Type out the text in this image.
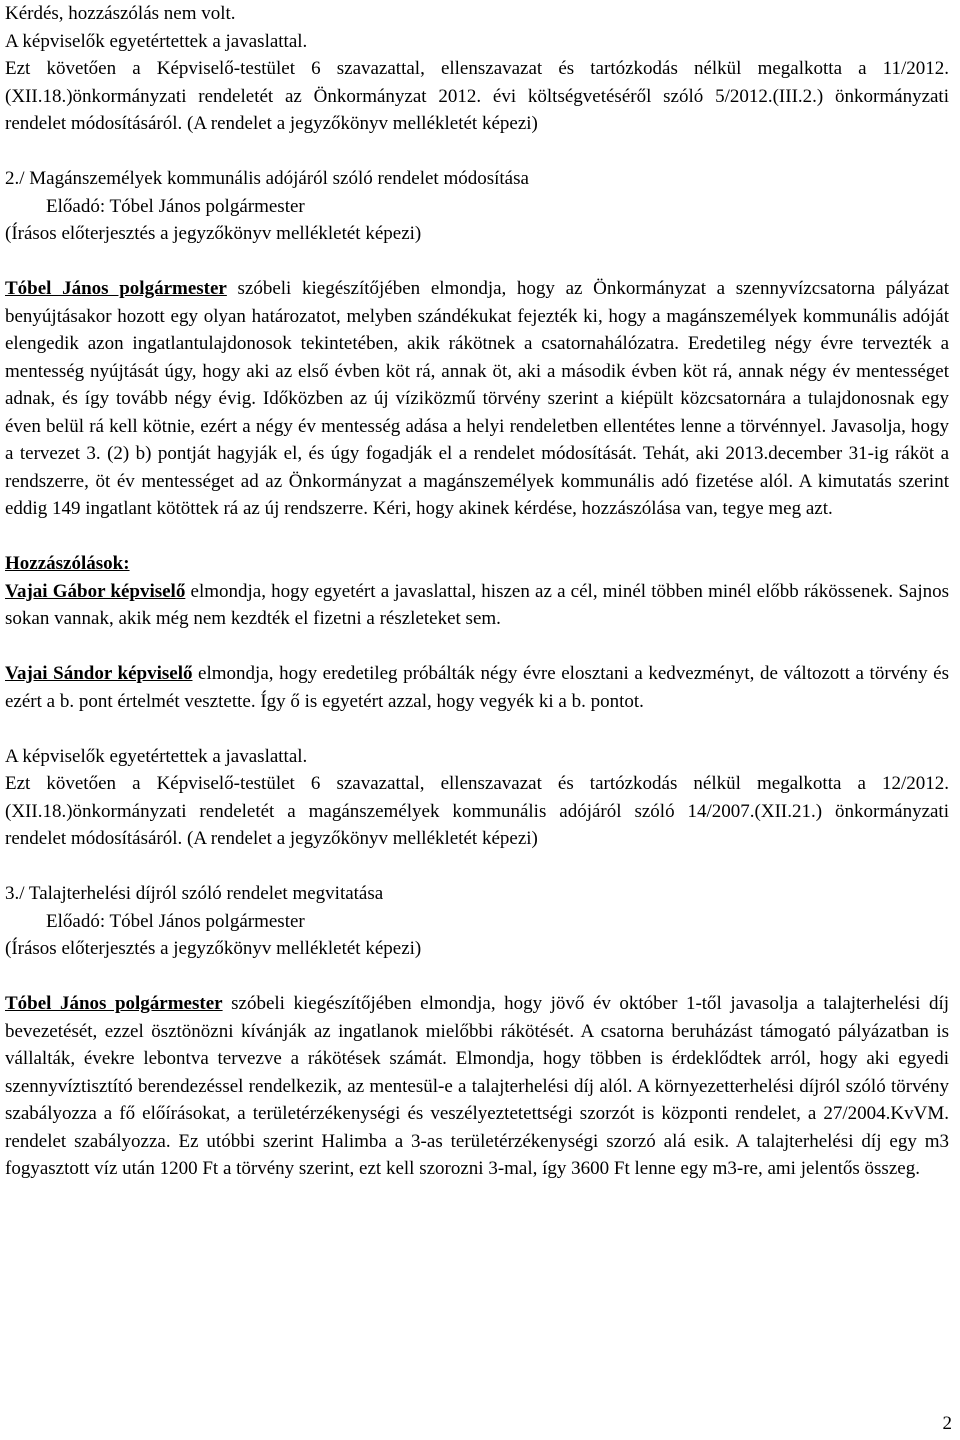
Kérdés, hozzászólás nem volt.

A képviselők egyetértettek a javaslattal.

Ezt követően a Képviselő-testület 6 szavazattal, ellenszavazat és tartózkodás nélkül megalkotta a 11/2012.(XII.18.)önkormányzati rendeletét az Önkormányzat 2012. évi költségvetéséről szóló 5/2012.(III.2.) önkormányzati rendelet módosításáról. (A rendelet a jegyzőkönyv mellékletét képezi)

2./ Magánszemélyek kommunális adójáról szóló rendelet módosítása

Előadó: Tóbel János polgármester

(Írásos előterjesztés a jegyzőkönyv mellékletét képezi)

Tóbel János polgármester szóbeli kiegészítőjében elmondja, hogy az Önkormányzat a szennyvízcsatorna pályázat benyújtásakor hozott egy olyan határozatot, melyben szándékukat fejezték ki, hogy a magánszemélyek kommunális adóját elengedik azon ingatlantulajdonosok tekintetében, akik rákötnek a csatornahálózatra. Eredetileg négy évre tervezték a mentesség nyújtását úgy, hogy aki az első évben köt rá, annak öt, aki a második évben köt rá, annak négy év mentességet adnak, és így tovább négy évig. Időközben az új víziközmű törvény szerint a kiépült közcsatornára a tulajdonosnak egy éven belül rá kell kötnie, ezért a négy év mentesség adása a helyi rendeletben ellentétes lenne a törvénnyel. Javasolja, hogy a tervezet 3. (2) b) pontját hagyják el, és úgy fogadják el a rendelet módosítását. Tehát, aki 2013.december 31-ig ráköt a rendszerre, öt év mentességet ad az Önkormányzat a magánszemélyek kommunális adó fizetése alól. A kimutatás szerint eddig 149 ingatlant kötöttek rá az új rendszerre. Kéri, hogy akinek kérdése, hozzászólása van, tegye meg azt.

Hozzászólások:

Vajai Gábor képviselő elmondja, hogy egyetért a javaslattal, hiszen az a cél, minél többen minél előbb rákössenek. Sajnos sokan vannak, akik még nem kezdték el fizetni a részleteket sem.

Vajai Sándor képviselő elmondja, hogy eredetileg próbálták négy évre elosztani a kedvezményt, de változott a törvény és ezért a b. pont értelmét vesztette. Így ő is egyetért azzal, hogy vegyék ki a b. pontot.

A képviselők egyetértettek a javaslattal.

Ezt követően a Képviselő-testület 6 szavazattal, ellenszavazat és tartózkodás nélkül megalkotta a 12/2012.(XII.18.)önkormányzati rendeletét a magánszemélyek kommunális adójáról szóló 14/2007.(XII.21.) önkormányzati rendelet módosításáról. (A rendelet a jegyzőkönyv mellékletét képezi)

3./ Talajterhelési díjról szóló rendelet megvitatása

Előadó: Tóbel János polgármester

(Írásos előterjesztés a jegyzőkönyv mellékletét képezi)

Tóbel János polgármester szóbeli kiegészítőjében elmondja, hogy jövő év október 1-től javasolja a talajterhelési díj bevezetését, ezzel ösztönözni kívánják az ingatlanok mielőbbi rákötését. A csatorna beruházást támogató pályázatban is vállalták, évekre lebontva tervezve a rákötések számát. Elmondja, hogy többen is érdeklődtek arról, hogy aki egyedi szennyvíztisztító berendezéssel rendelkezik, az mentesül-e a talajterhelési díj alól. A környezetterhelési díjról szóló törvény szabályozza a fő előírásokat, a területérzékenységi és veszélyeztetettségi szorzót is központi rendelet, a 27/2004.KvVM. rendelet szabályozza. Ez utóbbi szerint Halimba a 3-as területérzékenységi szorzó alá esik. A talajterhelési díj egy m3 fogyasztott víz után 1200 Ft a törvény szerint, ezt kell szorozni 3-mal, így 3600 Ft lenne egy m3-re, ami jelentős összeg.

2
